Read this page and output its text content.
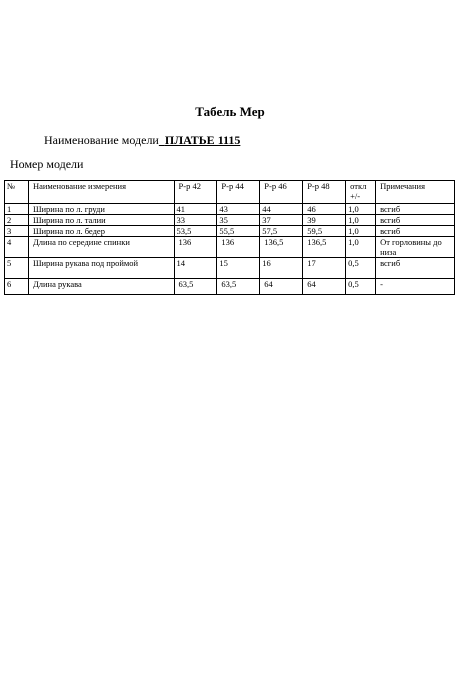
Табель Мер
Наименование модели ПЛАТЬЕ 1115
Номер модели
№	Наименование измерения	Р-р 42	Р-р 44	Р-р 46	Р-р 48	откл +/-	Примечания
1	Ширина по л. груди	41	43	44	46	1,0	всгиб
2	Ширина по л. талии	33	35	37	39	1,0	всгиб
3	Ширина по л. бедер	53,5	55,5	57,5	59,5	1,0	всгиб
4	Длина по середине спинки	136	136	136,5	136,5	1,0	От горловины до низа
5	Ширина рукава под проймой	14	15	16	17	0,5	всгиб
6	Длина рукава	63,5	63,5	64	64	0,5	-
